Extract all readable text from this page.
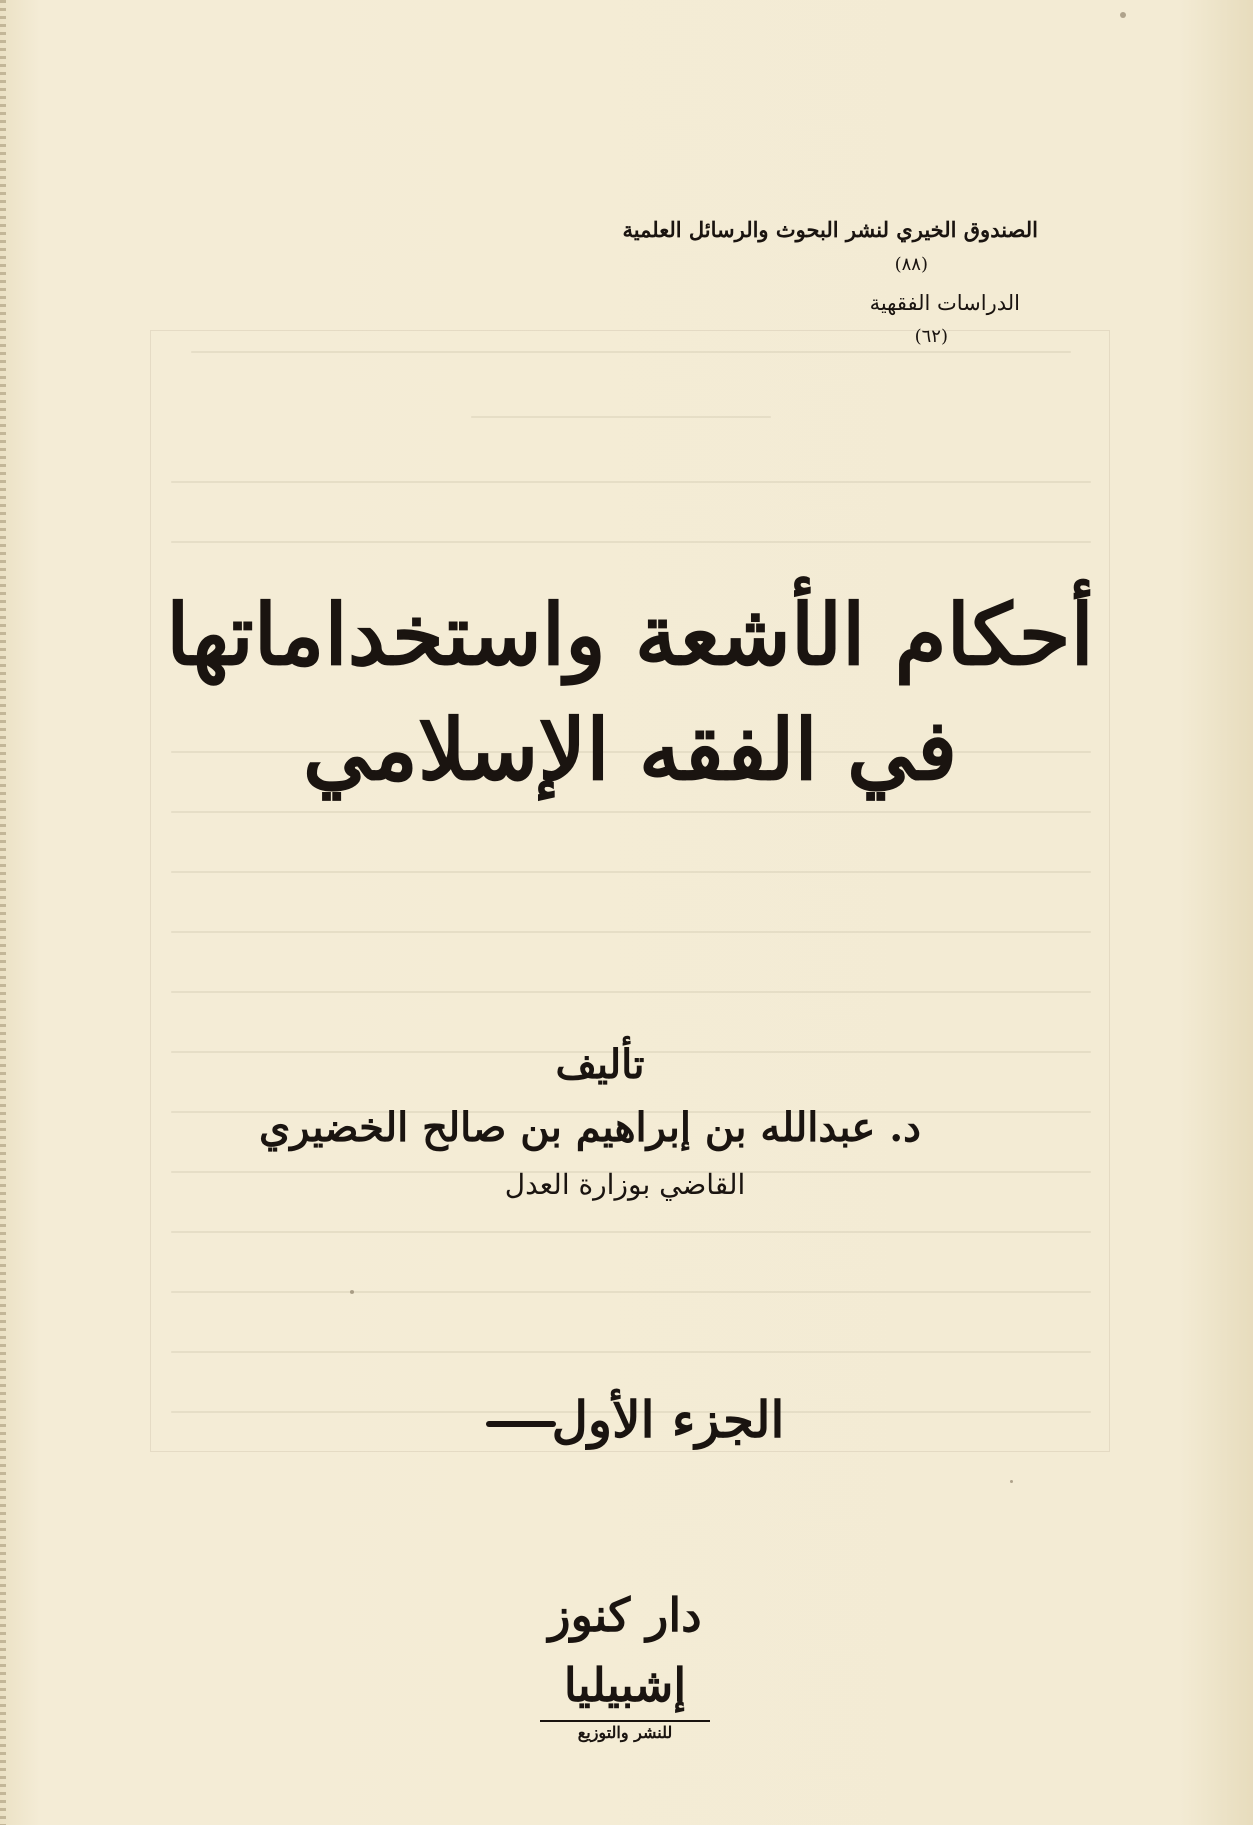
الصندوق الخيري لنشر البحوث والرسائل العلمية
(٨٨)
الدراسات الفقهية
(٦٢)
أحكام الأشعة واستخداماتها
في الفقه الإسلامي
تأليف
د. عبدالله بن إبراهيم بن صالح الخضيري
القاضي بوزارة العدل
الجزء الأول
دار كنوز إشبيليا
للنشر والتوزيع
